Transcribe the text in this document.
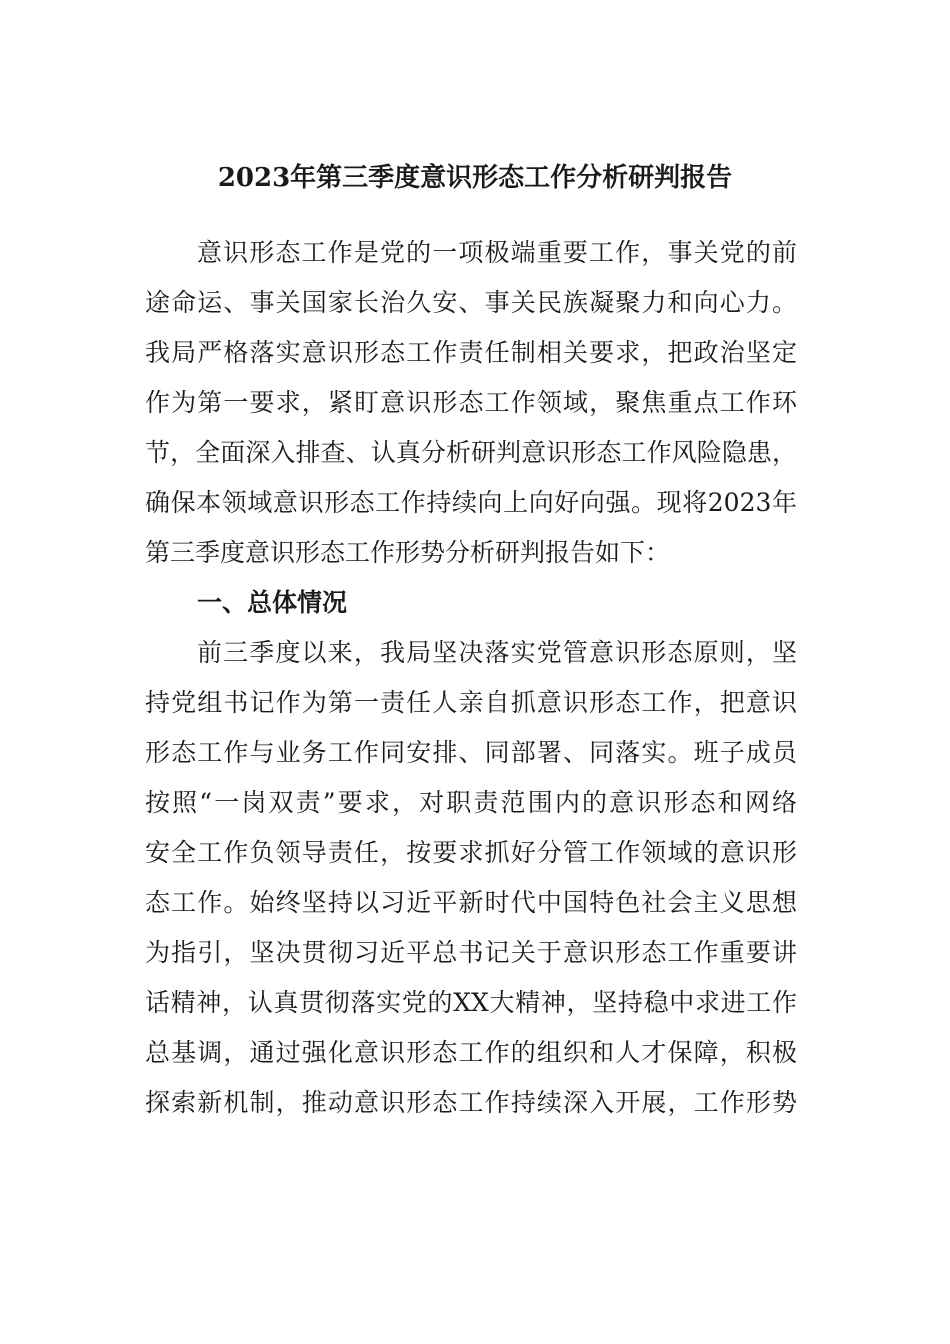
2023年第三季度意识形态工作分析研判报告
意识形态工作是党的一项极端重要工作，事关党的前
途命运、事关国家长治久安、事关民族凝聚力和向心力。
我局严格落实意识形态工作责任制相关要求，把政治坚定
作为第一要求，紧盯意识形态工作领域，聚焦重点工作环
节，全面深入排查、认真分析研判意识形态工作风险隐患，
确保本领域意识形态工作持续向上向好向强。现将2023年
第三季度意识形态工作形势分析研判报告如下：
一、总体情况
前三季度以来，我局坚决落实党管意识形态原则，坚
持党组书记作为第一责任人亲自抓意识形态工作，把意识
形态工作与业务工作同安排、同部署、同落实。班子成员
按照“一岗双责”要求，对职责范围内的意识形态和网络
安全工作负领导责任，按要求抓好分管工作领域的意识形
态工作。始终坚持以习近平新时代中国特色社会主义思想
为指引，坚决贯彻习近平总书记关于意识形态工作重要讲
话精神，认真贯彻落实党的XX大精神，坚持稳中求进工作
总基调，通过强化意识形态工作的组织和人才保障，积极
探索新机制，推动意识形态工作持续深入开展，工作形势
